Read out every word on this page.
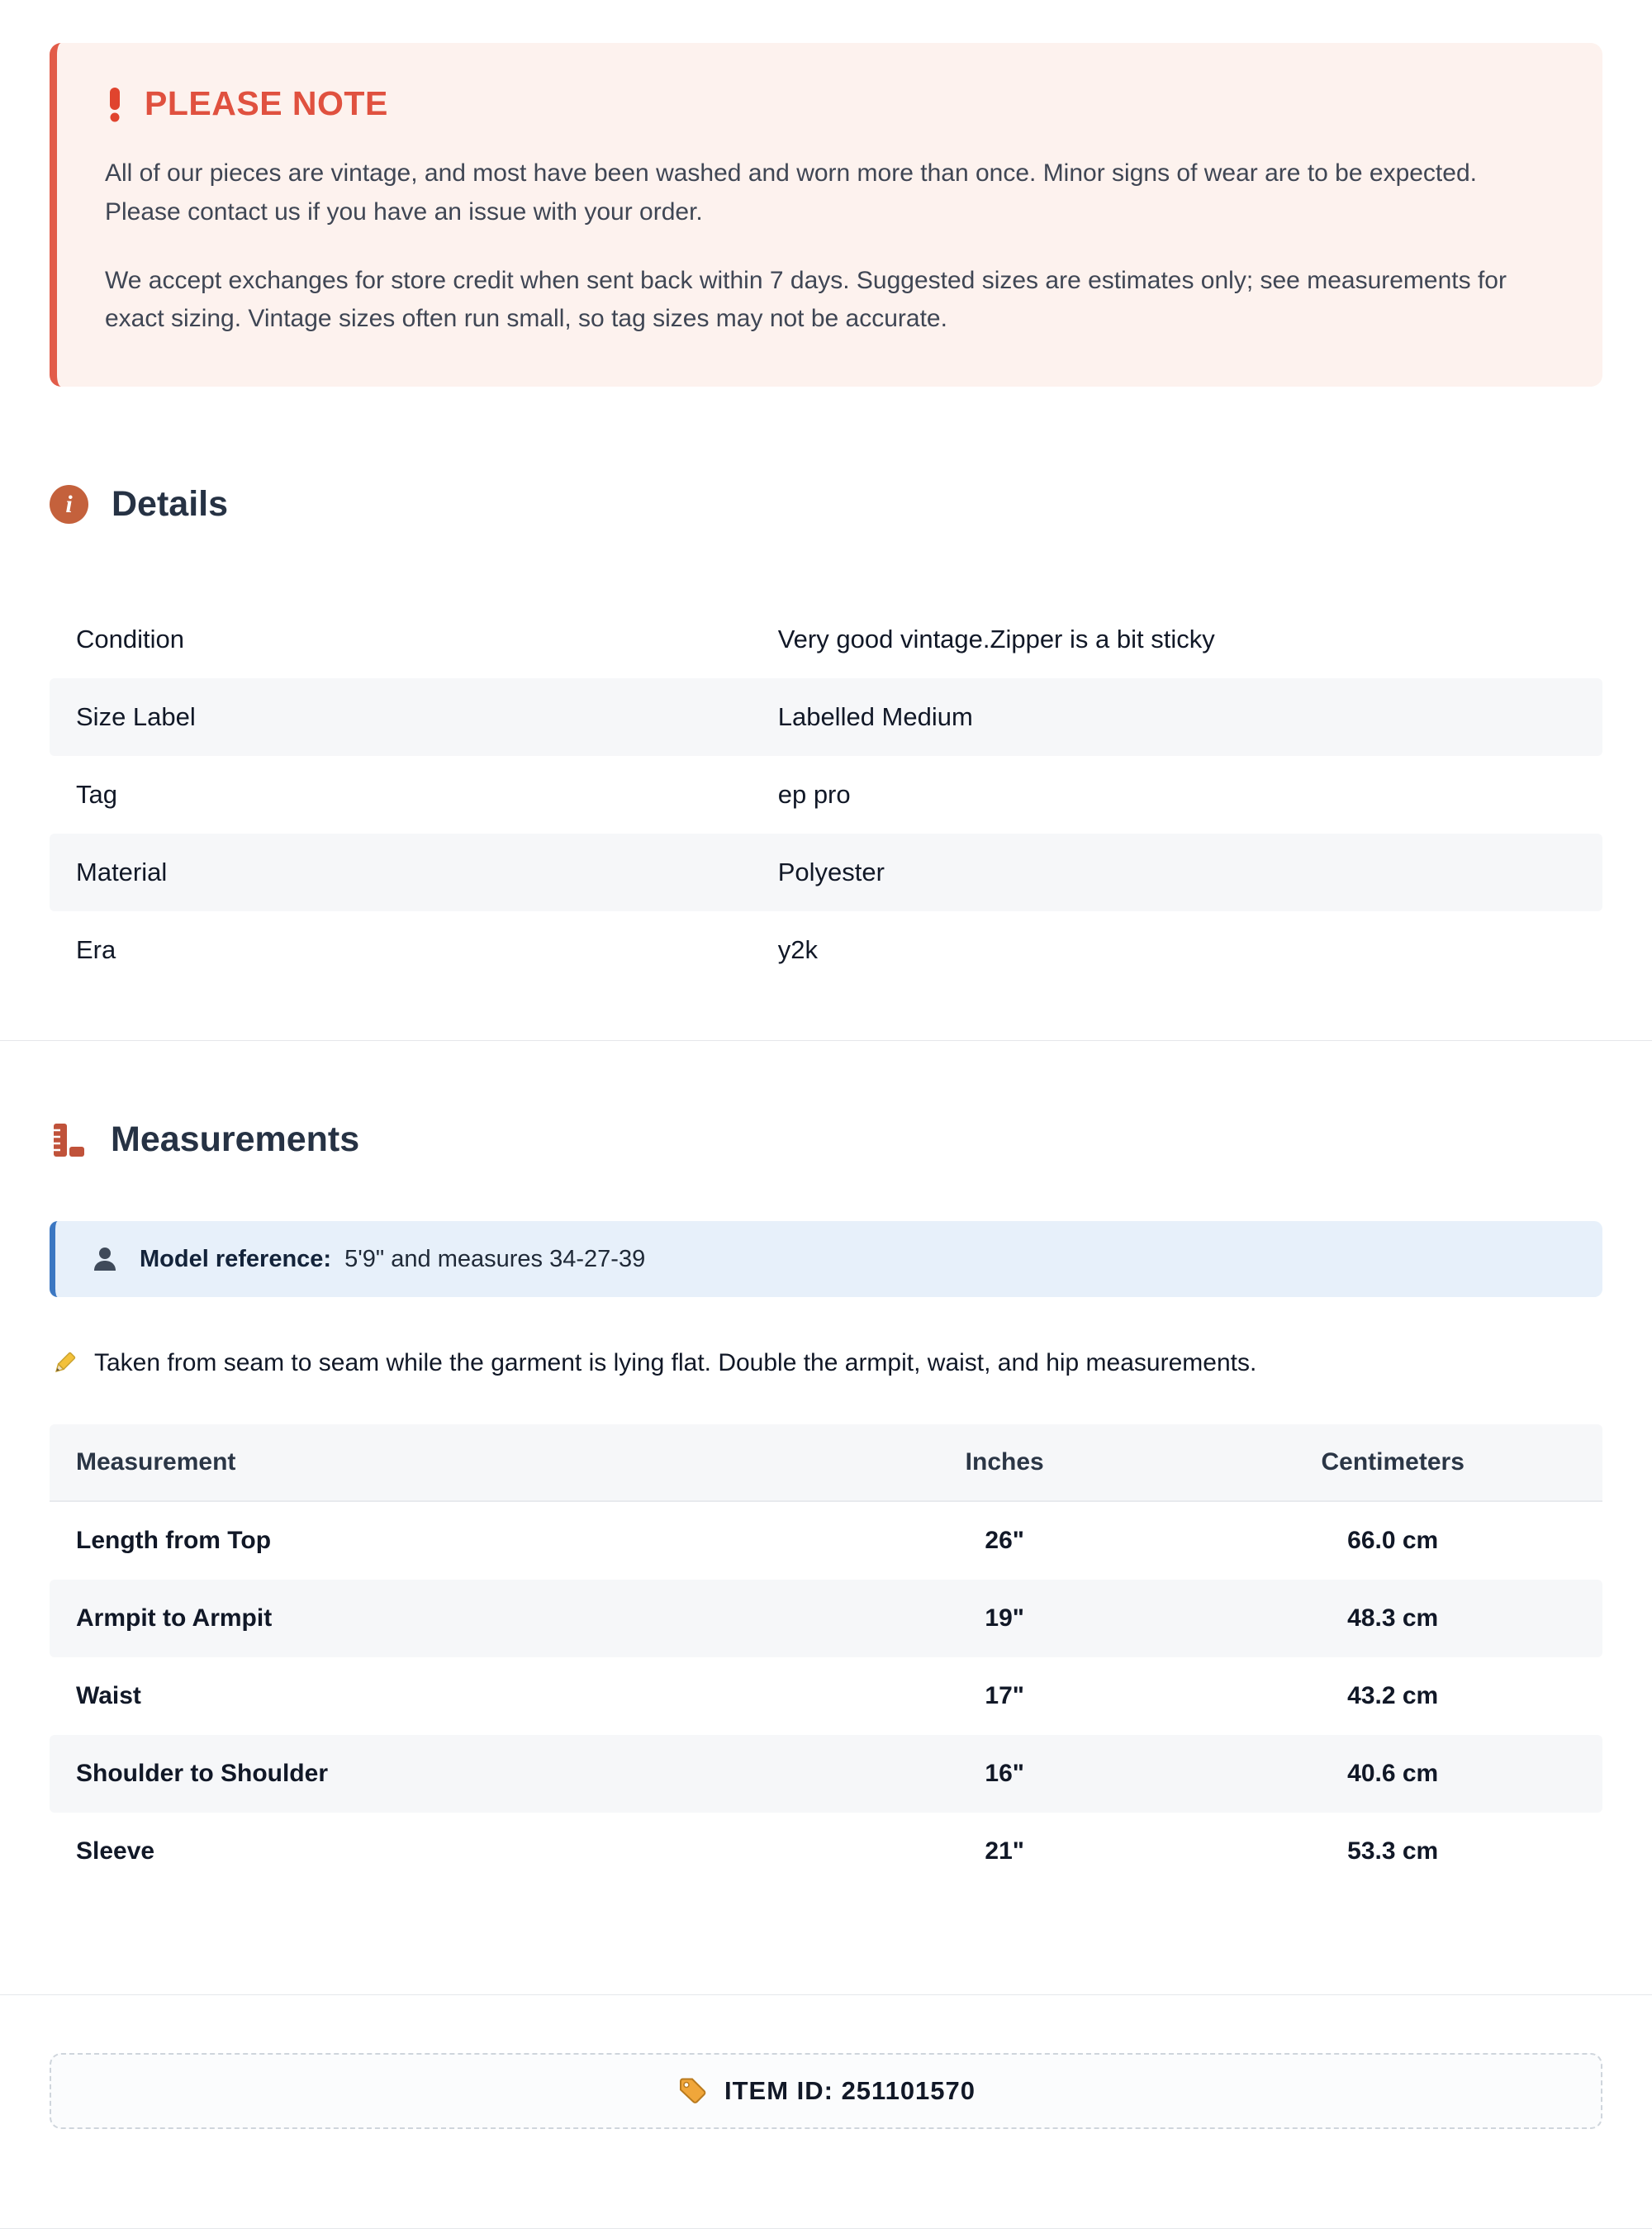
PLEASE NOTE

All of our pieces are vintage, and most have been washed and worn more than once. Minor signs of wear are to be expected. Please contact us if you have an issue with your order.

We accept exchanges for store credit when sent back within 7 days. Suggested sizes are estimates only; see measurements for exact sizing. Vintage sizes often run small, so tag sizes may not be accurate.

i	Details
Condition	Very good vintage.Zipper is a bit sticky
Size Label	Labelled Medium
Tag	ep pro
Material	Polyester
Era	y2k
Measurements
Model reference: 5'9" and measures 34-27-39
Taken from seam to seam while the garment is lying flat. Double the armpit, waist, and hip measurements.
Measurement	Inches	Centimeters
Length from Top	26"	66.0 cm
Armpit to Armpit	19"	48.3 cm
Waist	17"	43.2 cm
Shoulder to Shoulder	16"	40.6 cm
Sleeve	21"	53.3 cm
ITEM ID: 251101570
